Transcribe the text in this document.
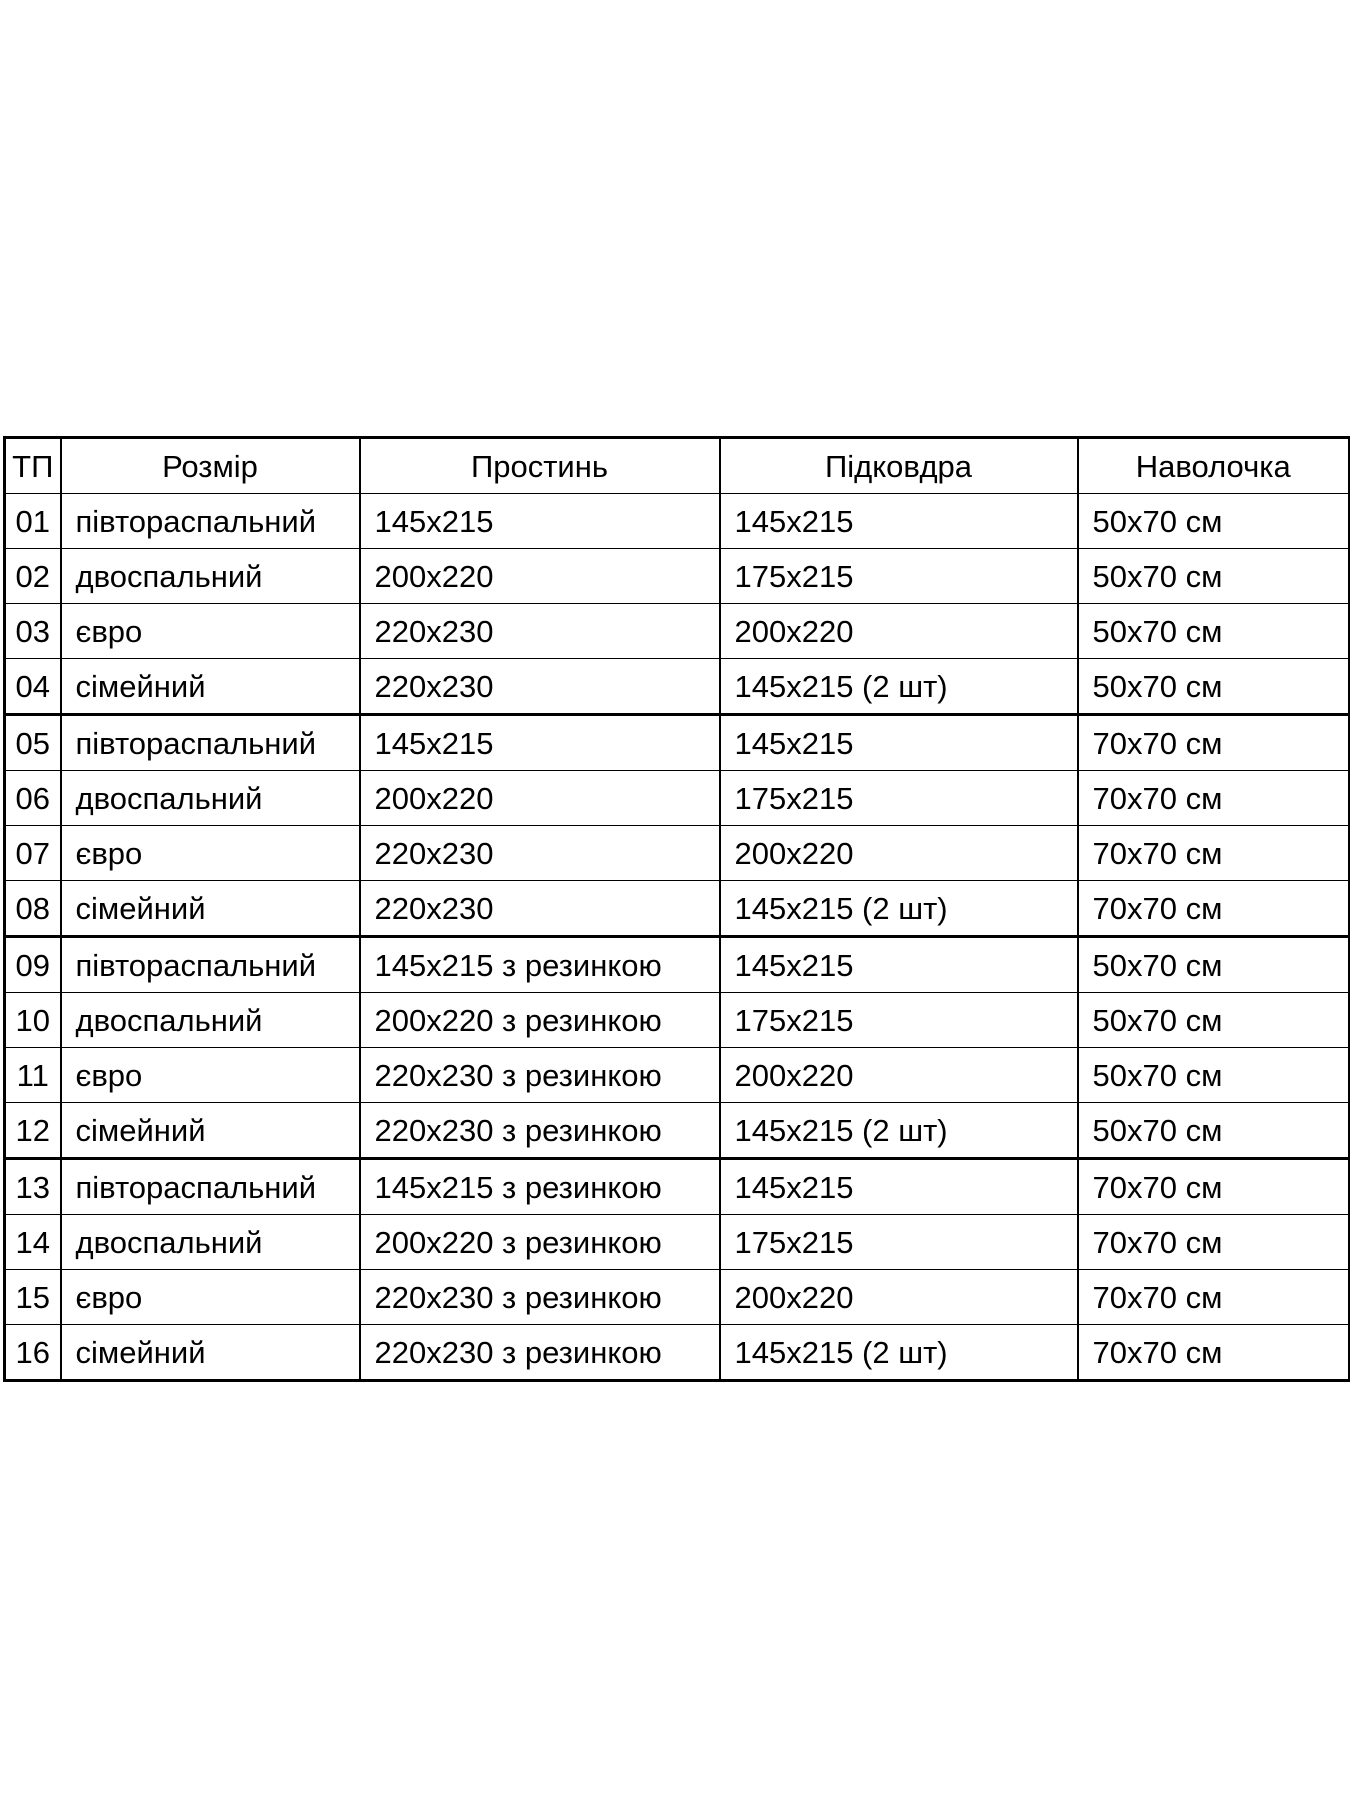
ТП	Розмір	Простинь	Підковдра	Наволочка
01	півтораспальний	145x215	145x215	50x70 см
02	двоспальний	200x220	175x215	50x70 см
03	євро	220x230	200x220	50x70 см
04	сімейний	220x230	145x215 (2 шт)	50x70 см
05	півтораспальний	145x215	145x215	70x70 см
06	двоспальний	200x220	175x215	70x70 см
07	євро	220x230	200x220	70x70 см
08	сімейний	220x230	145x215 (2 шт)	70x70 см
09	півтораспальний	145x215 з резинкою	145x215	50x70 см
10	двоспальний	200x220 з резинкою	175x215	50x70 см
11	євро	220x230 з резинкою	200x220	50x70 см
12	сімейний	220x230 з резинкою	145x215 (2 шт)	50x70 см
13	півтораспальний	145x215 з резинкою	145x215	70x70 см
14	двоспальний	200x220 з резинкою	175x215	70x70 см
15	євро	220x230 з резинкою	200x220	70x70 см
16	сімейний	220x230 з резинкою	145x215 (2 шт)	70x70 см
